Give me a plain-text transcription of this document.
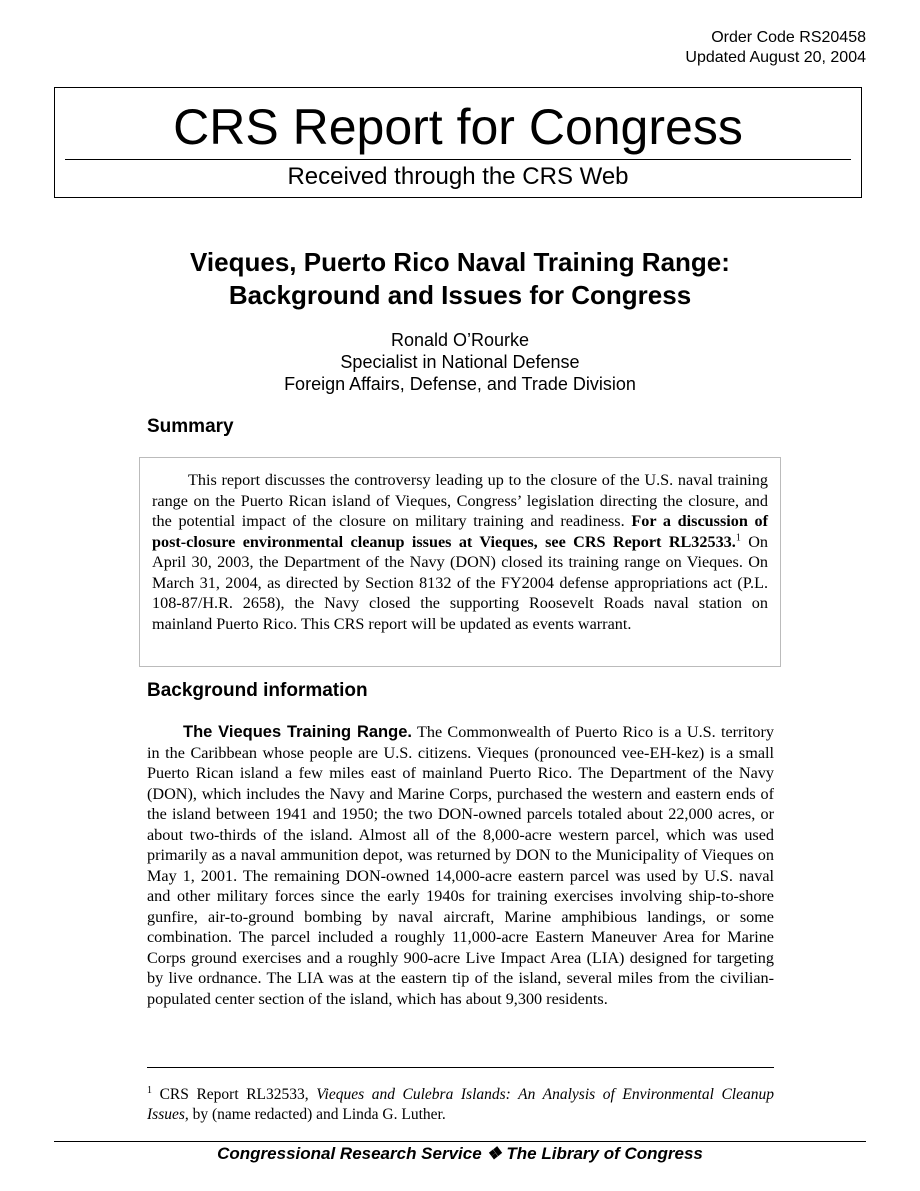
Order Code RS20458
Updated August 20, 2004
CRS Report for Congress
Received through the CRS Web
Vieques, Puerto Rico Naval Training Range:
Background and Issues for Congress
Ronald O’Rourke
Specialist in National Defense
Foreign Affairs, Defense, and Trade Division
Summary

This report discusses the controversy leading up to the closure of the U.S. naval training range on the Puerto Rican island of Vieques, Congress’ legislation directing the closure, and the potential impact of the closure on military training and readiness. For a discussion of post-closure environmental cleanup issues at Vieques, see CRS Report RL32533.$^1$ On April 30, 2003, the Department of the Navy (DON) closed its training range on Vieques. On March 31, 2004, as directed by Section 8132 of the FY2004 defense appropriations act (P.L. 108-87/H.R. 2658), the Navy closed the supporting Roosevelt Roads naval station on mainland Puerto Rico. This CRS report will be updated as events warrant.

Background information

The Vieques Training Range. The Commonwealth of Puerto Rico is a U.S. territory in the Caribbean whose people are U.S. citizens. Vieques (pronounced vee-EH-kez) is a small Puerto Rican island a few miles east of mainland Puerto Rico. The Department of the Navy (DON), which includes the Navy and Marine Corps, purchased the western and eastern ends of the island between 1941 and 1950; the two DON-owned parcels totaled about 22,000 acres, or about two-thirds of the island. Almost all of the 8,000-acre western parcel, which was used primarily as a naval ammunition depot, was returned by DON to the Municipality of Vieques on May 1, 2001. The remaining DON-owned 14,000-acre eastern parcel was used by U.S. naval and other military forces since the early 1940s for training exercises involving ship-to-shore gunfire, air-to-ground bombing by naval aircraft, Marine amphibious landings, or some combination. The parcel included a roughly 11,000-acre Eastern Maneuver Area for Marine Corps ground exercises and a roughly 900-acre Live Impact Area (LIA) designed for targeting by live ordnance. The LIA was at the eastern tip of the island, several miles from the civilian-populated center section of the island, which has about 9,300 residents.

$^1$ CRS Report RL32533, Vieques and Culebra Islands: An Analysis of Environmental Cleanup Issues, by (name redacted) and Linda G. Luther.

Congressional Research Service ❖ The Library of Congress
